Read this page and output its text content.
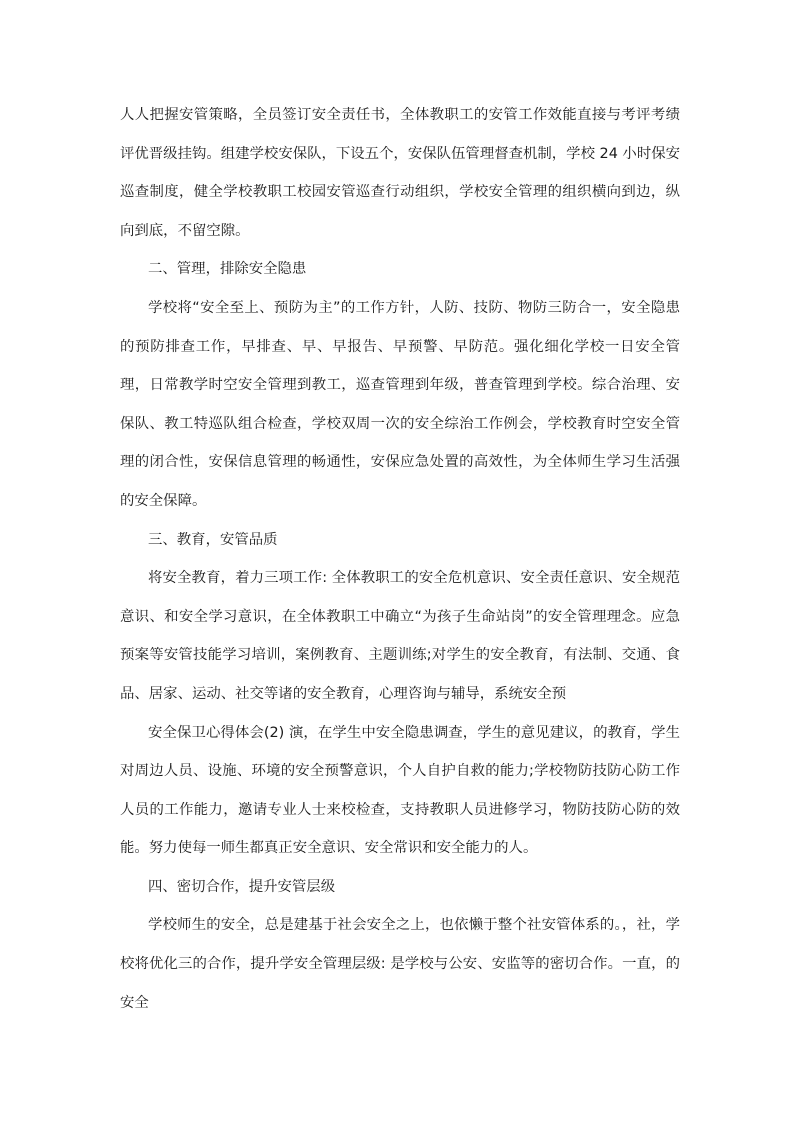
人人把握安管策略，全员签订安全责任书，全体教职工的安管工作效能直接与考评考绩评优晋级挂钩。组建学校安保队，下设五个，安保队伍管理督查机制，学校 24 小时保安巡查制度，健全学校教职工校园安管巡查行动组织，学校安全管理的组织横向到边，纵向到底，不留空隙。

二、管理，排除安全隐患

学校将“安全至上、预防为主”的工作方针，人防、技防、物防三防合一，安全隐患的预防排查工作，早排查、早、早报告、早预警、早防范。强化细化学校一日安全管理，日常教学时空安全管理到教工，巡查管理到年级，普查管理到学校。综合治理、安保队、教工特巡队组合检查，学校双周一次的安全综治工作例会，学校教育时空安全管理的闭合性，安保信息管理的畅通性，安保应急处置的高效性，为全体师生学习生活强的安全保障。

三、教育，安管品质

将安全教育，着力三项工作: 全体教职工的安全危机意识、安全责任意识、安全规范意识、和安全学习意识，在全体教职工中确立“为孩子生命站岗”的安全管理理念。应急预案等安管技能学习培训，案例教育、主题训练;对学生的安全教育，有法制、交通、食品、居家、运动、社交等诸的安全教育，心理咨询与辅导，系统安全预

安全保卫心得体会(2) 演，在学生中安全隐患调查，学生的意见建议，的教育，学生对周边人员、设施、环境的安全预警意识，个人自护自救的能力;学校物防技防心防工作人员的工作能力，邀请专业人士来校检查，支持教职人员进修学习，物防技防心防的效能。努力使每一师生都真正安全意识、安全常识和安全能力的人。

四、密切合作，提升安管层级

学校师生的安全，总是建基于社会安全之上，也依懒于整个社安管体系的。，社，学校将优化三的合作，提升学安全管理层级: 是学校与公安、安监等的密切合作。一直，的安全
